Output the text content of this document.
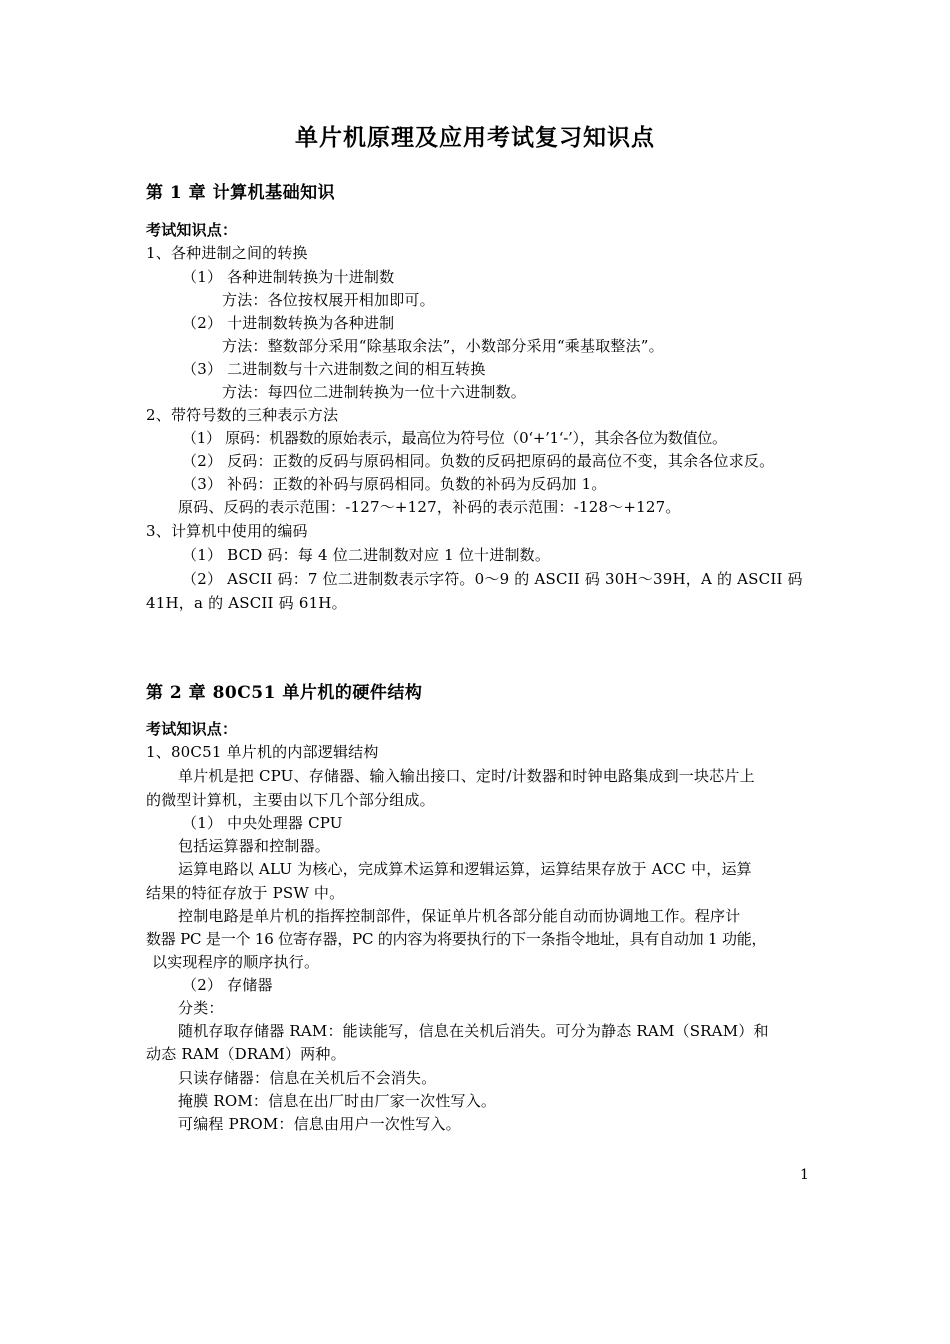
单片机原理及应用考试复习知识点
第 1 章 计算机基础知识
考试知识点：
1、各种进制之间的转换
（1） 各种进制转换为十进制数
方法：各位按权展开相加即可。
（2） 十进制数转换为各种进制
方法：整数部分采用“除基取余法”，小数部分采用“乘基取整法”。
（3） 二进制数与十六进制数之间的相互转换
方法：每四位二进制转换为一位十六进制数。
2、带符号数的三种表示方法
（1） 原码：机器数的原始表示，最高位为符号位（0‘+’1‘-’），其余各位为数值位。
（2） 反码：正数的反码与原码相同。负数的反码把原码的最高位不变，其余各位求反。
（3） 补码：正数的补码与原码相同。负数的补码为反码加 1。
原码、反码的表示范围：-127～+127，补码的表示范围：-128～+127。
3、计算机中使用的编码
（1） BCD 码：每 4 位二进制数对应 1 位十进制数。
（2） ASCII 码：7 位二进制数表示字符。0～9 的 ASCII 码 30H～39H，A 的 ASCII 码
41H，a 的 ASCII 码 61H。
第 2 章 80C51 单片机的硬件结构
考试知识点：
1、80C51 单片机的内部逻辑结构
单片机是把 CPU、存储器、输入输出接口、定时/计数器和时钟电路集成到一块芯片上
的微型计算机，主要由以下几个部分组成。
（1） 中央处理器 CPU
包括运算器和控制器。
运算电路以 ALU 为核心，完成算术运算和逻辑运算，运算结果存放于 ACC 中，运算
结果的特征存放于 PSW 中。
控制电路是单片机的指挥控制部件，保证单片机各部分能自动而协调地工作。程序计
数器 PC 是一个 16 位寄存器，PC 的内容为将要执行的下一条指令地址，具有自动加 1 功能，
以实现程序的顺序执行。
（2） 存储器
分类：
随机存取存储器 RAM：能读能写，信息在关机后消失。可分为静态 RAM（SRAM）和
动态 RAM（DRAM）两种。
只读存储器：信息在关机后不会消失。
掩膜 ROM：信息在出厂时由厂家一次性写入。
可编程 PROM：信息由用户一次性写入。
1
